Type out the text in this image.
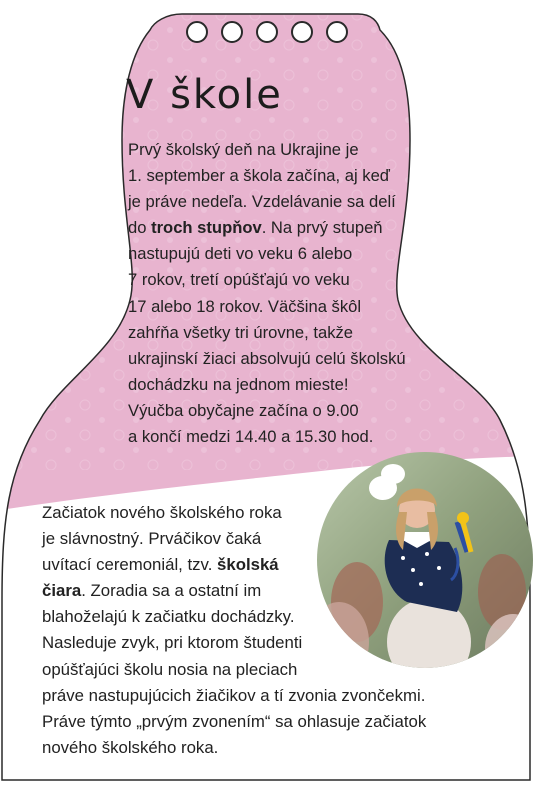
V škole
Prvý školský deň na Ukrajine je
1. september a škola začína, aj keď
je práve nedeľa. Vzdelávanie sa delí
do troch stupňov. Na prvý stupeň
nastupujú deti vo veku 6 alebo
7 rokov, tretí opúšťajú vo veku
17 alebo 18 rokov. Väčšina škôl
zahŕňa všetky tri úrovne, takže
ukrajinskí žiaci absolvujú celú školskú
dochádzku na jednom mieste!
Výučba obyčajne začína o 9.00
a končí medzi 14.40 a 15.30 hod.
Začiatok nového školského roka
je slávnostný. Prváčikov čaká
uvítací ceremoniál, tzv. školská
čiara. Zoradia sa a ostatní im
blahoželajú k začiatku dochádzky.
Nasleduje zvyk, pri ktorom študenti
opúšťajúci školu nosia na pleciach
práve nastupujúcich žiačikov a tí zvonia zvončekmi.
Práve týmto „prvým zvonením“ sa ohlasuje začiatok
nového školského roka.
